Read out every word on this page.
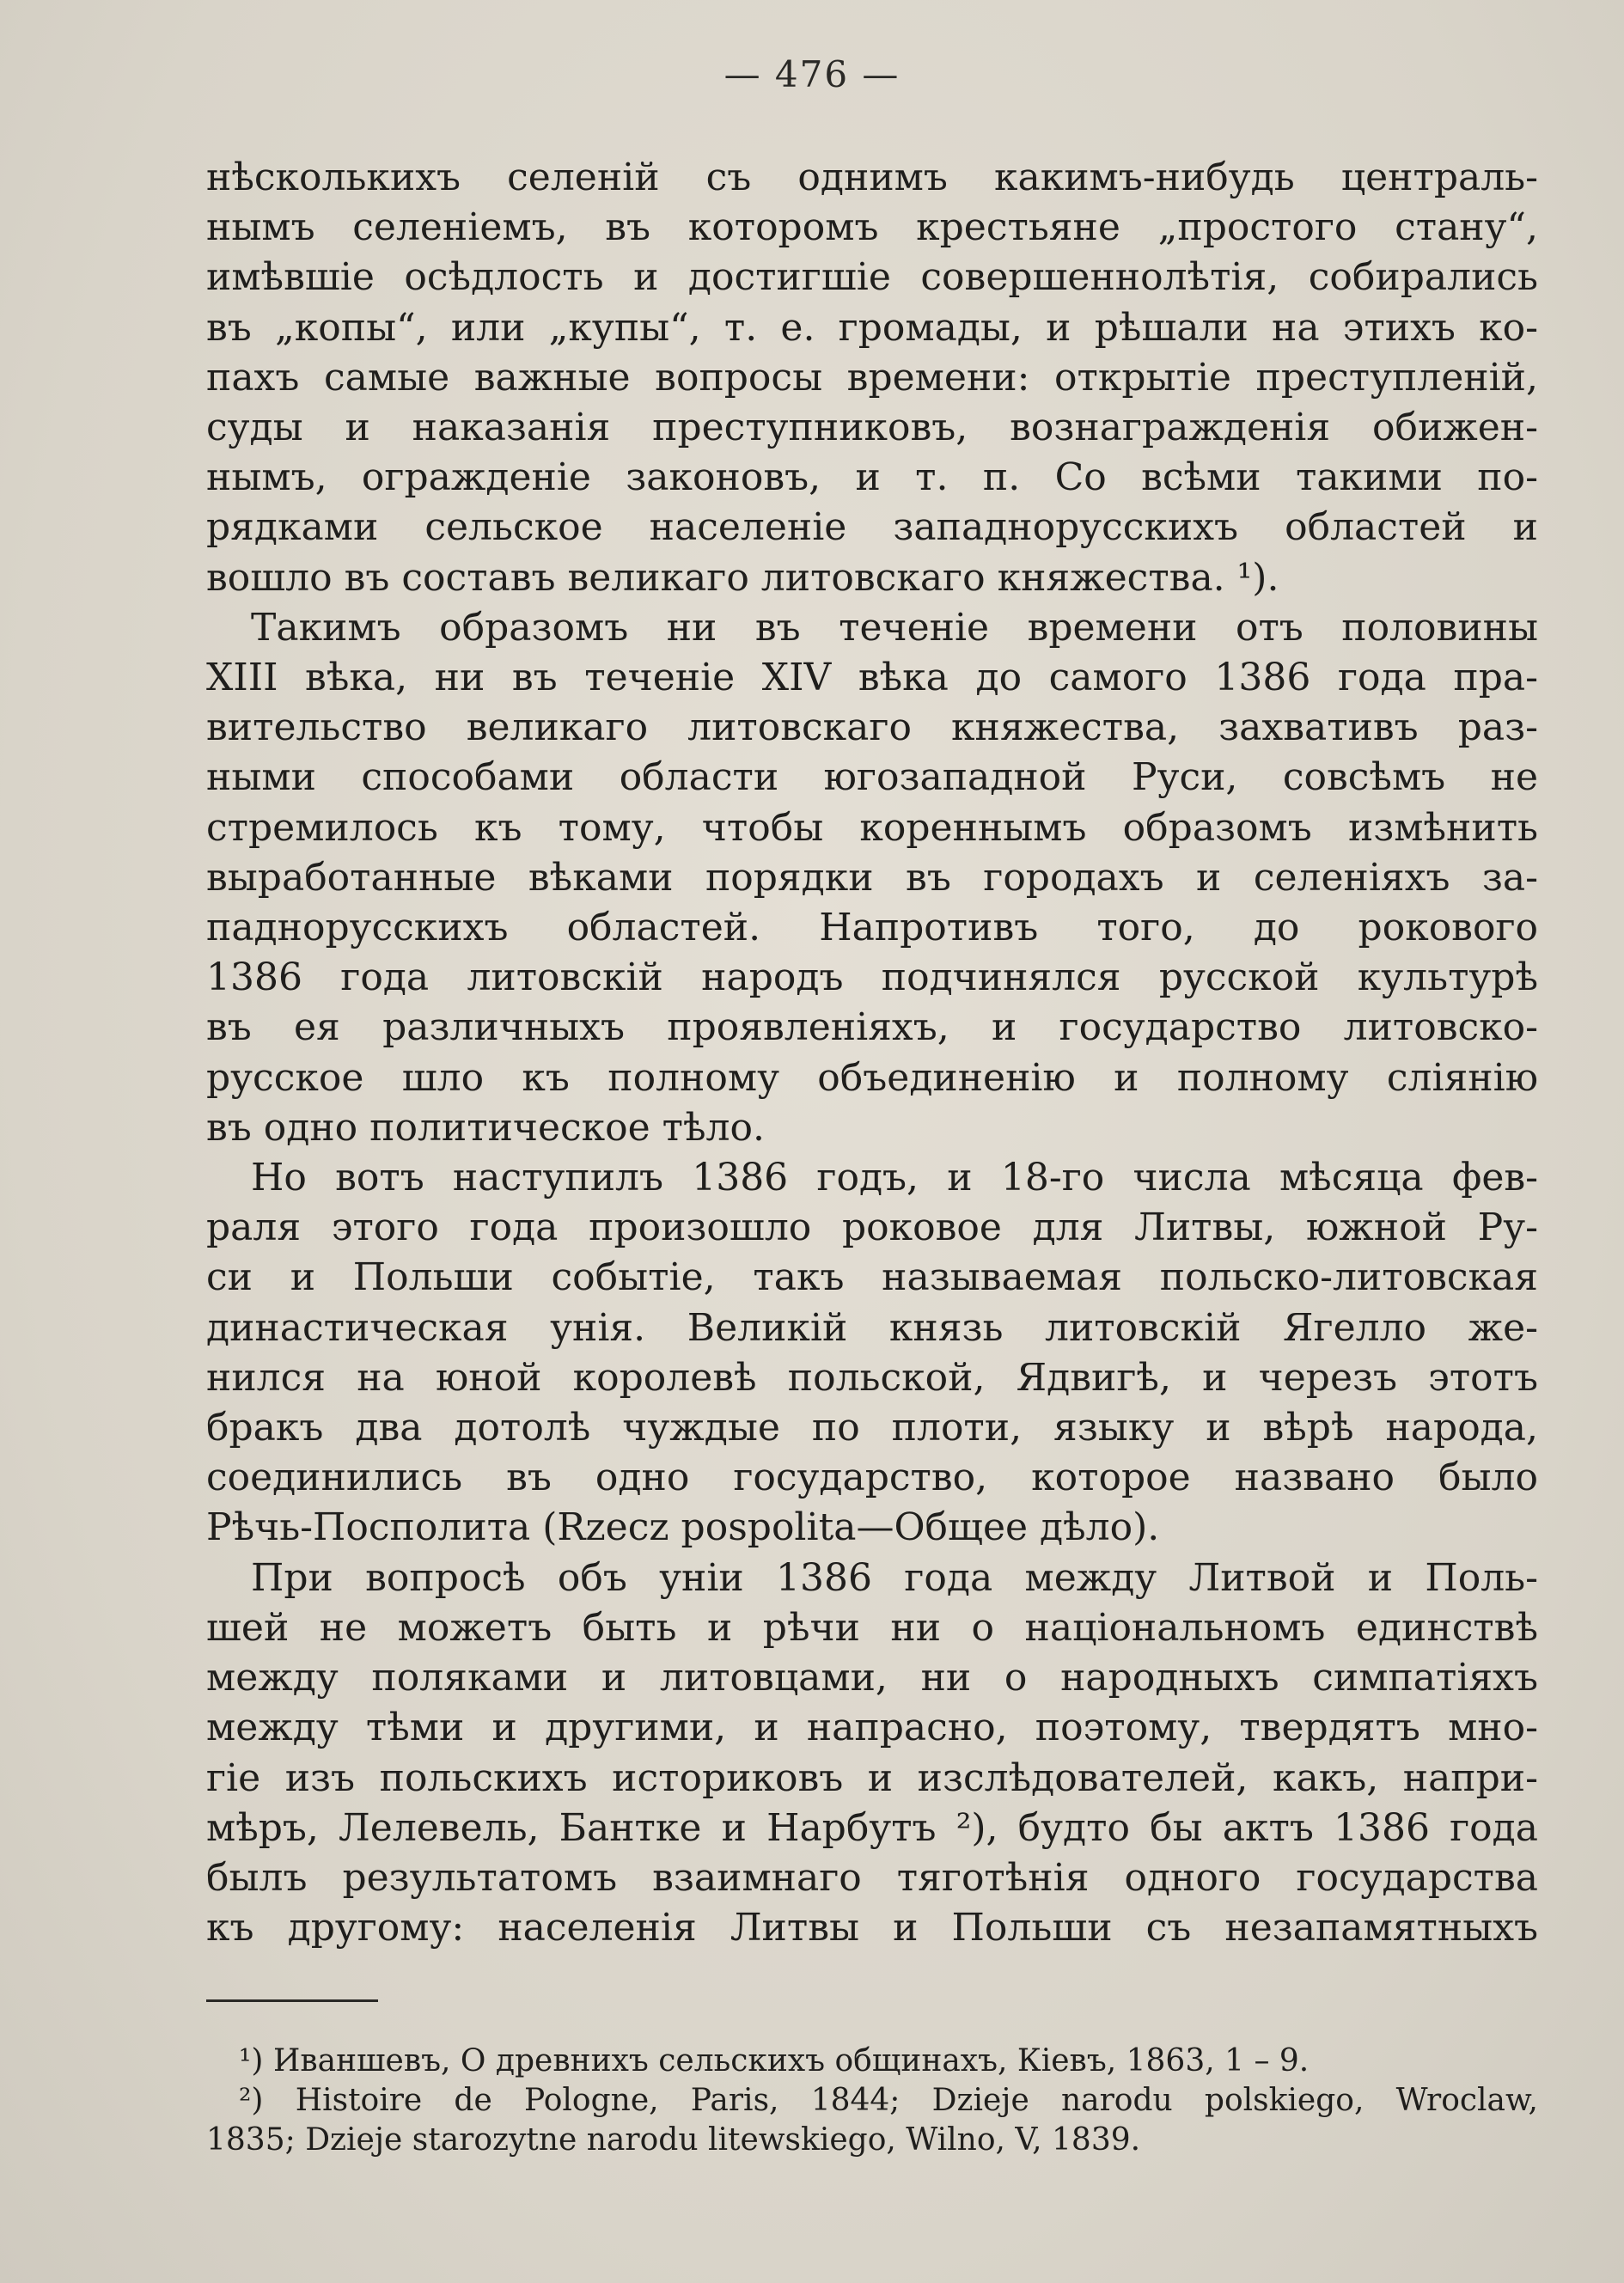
— 476 —
нѣсколькихъ селеній съ однимъ какимъ-нибудь централь-
нымъ селеніемъ, въ которомъ крестьяне „простого стану“,
имѣвшіе осѣдлость и достигшіе совершеннолѣтія, собирались
въ „копы“, или „купы“, т. е. громады, и рѣшали на этихъ ко-
пахъ самые важные вопросы времени: открытіе преступленій,
суды и наказанія преступниковъ, вознагражденія обижен-
нымъ, огражденіе законовъ, и т. п. Со всѣми такими по-
рядками сельское населеніе западнорусскихъ областей и
вошло въ составъ великаго литовскаго княжества. ¹).
Такимъ образомъ ни въ теченіе времени отъ половины
XIII вѣка, ни въ теченіе XIV вѣка до самого 1386 года пра-
вительство великаго литовскаго княжества, захвативъ раз-
ными способами области югозападной Руси, совсѣмъ не
стремилось къ тому, чтобы кореннымъ образомъ измѣнить
выработанные вѣками порядки въ городахъ и селеніяхъ за-
паднорусскихъ областей. Напротивъ того, до рокового
1386 года литовскій народъ подчинялся русской культурѣ
въ ея различныхъ проявленіяхъ, и государство литовско-
русское шло къ полному объединенію и полному сліянію
въ одно политическое тѣло.
Но вотъ наступилъ 1386 годъ, и 18-го числа мѣсяца фев-
раля этого года произошло роковое для Литвы, южной Ру-
си и Польши событіе, такъ называемая польско-литовская
династическая унія. Великій князь литовскій Ягелло же-
нился на юной королевѣ польской, Ядвигѣ, и черезъ этотъ
бракъ два дотолѣ чуждые по плоти, языку и вѣрѣ народа,
соединились въ одно государство, которое названо было
Рѣчь-Посполита (Rzecz pospolita—Общее дѣло).
При вопросѣ объ уніи 1386 года между Литвой и Поль-
шей не можетъ быть и рѣчи ни о національномъ единствѣ
между поляками и литовцами, ни о народныхъ симпатіяхъ
между тѣми и другими, и напрасно, поэтому, твердятъ мно-
гіе изъ польскихъ историковъ и изслѣдователей, какъ, напри-
мѣръ, Лелевель, Бантке и Нарбутъ ²), будто бы актъ 1386 года
былъ результатомъ взаимнаго тяготѣнія одного государства
къ другому: населенія Литвы и Польши съ незапамятныхъ
¹) Иваншевъ, О древнихъ сельскихъ общинахъ, Кіевъ, 1863, 1 – 9.
²) Histoire de Pologne, Paris, 1844; Dzieje narodu polskiego, Wroclaw,
1835; Dzieje starozytne narodu litewskiego, Wilno, V, 1839.
